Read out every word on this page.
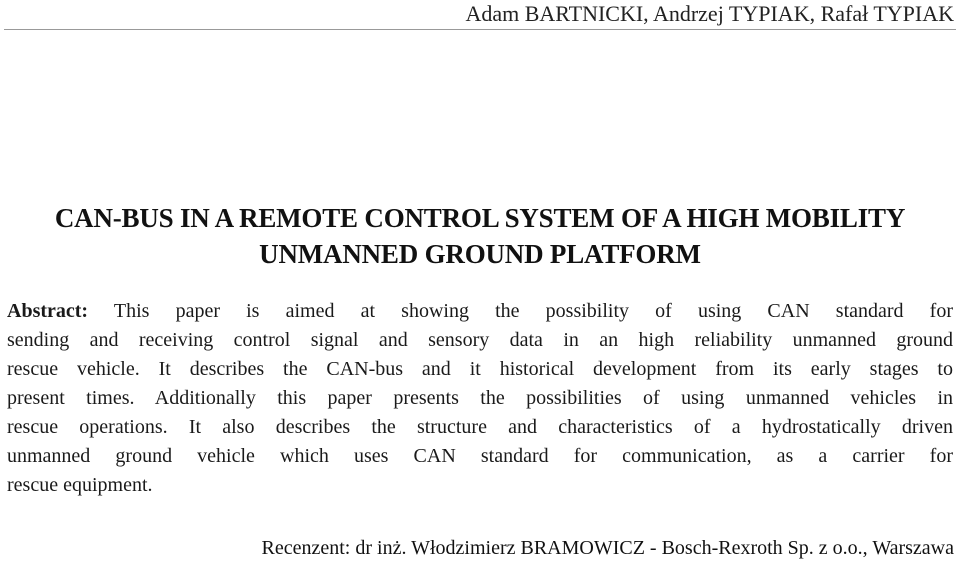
Adam BARTNICKI, Andrzej TYPIAK, Rafał TYPIAK
CAN-BUS IN A REMOTE CONTROL SYSTEM OF A HIGH MOBILITY
UNMANNED GROUND PLATFORM
Abstract: This paper is aimed at showing the possibility of using CAN standard for
sending and receiving control signal and sensory data in an high reliability unmanned ground
rescue vehicle. It describes the CAN-bus and it historical development from its early stages to
present times. Additionally this paper presents the possibilities of using unmanned vehicles in
rescue operations. It also describes the structure and characteristics of a hydrostatically driven
unmanned ground vehicle which uses CAN standard for communication, as a carrier for
rescue equipment.
Recenzent: dr inż. Włodzimierz BRAMOWICZ - Bosch-Rexroth Sp. z o.o., Warszawa
